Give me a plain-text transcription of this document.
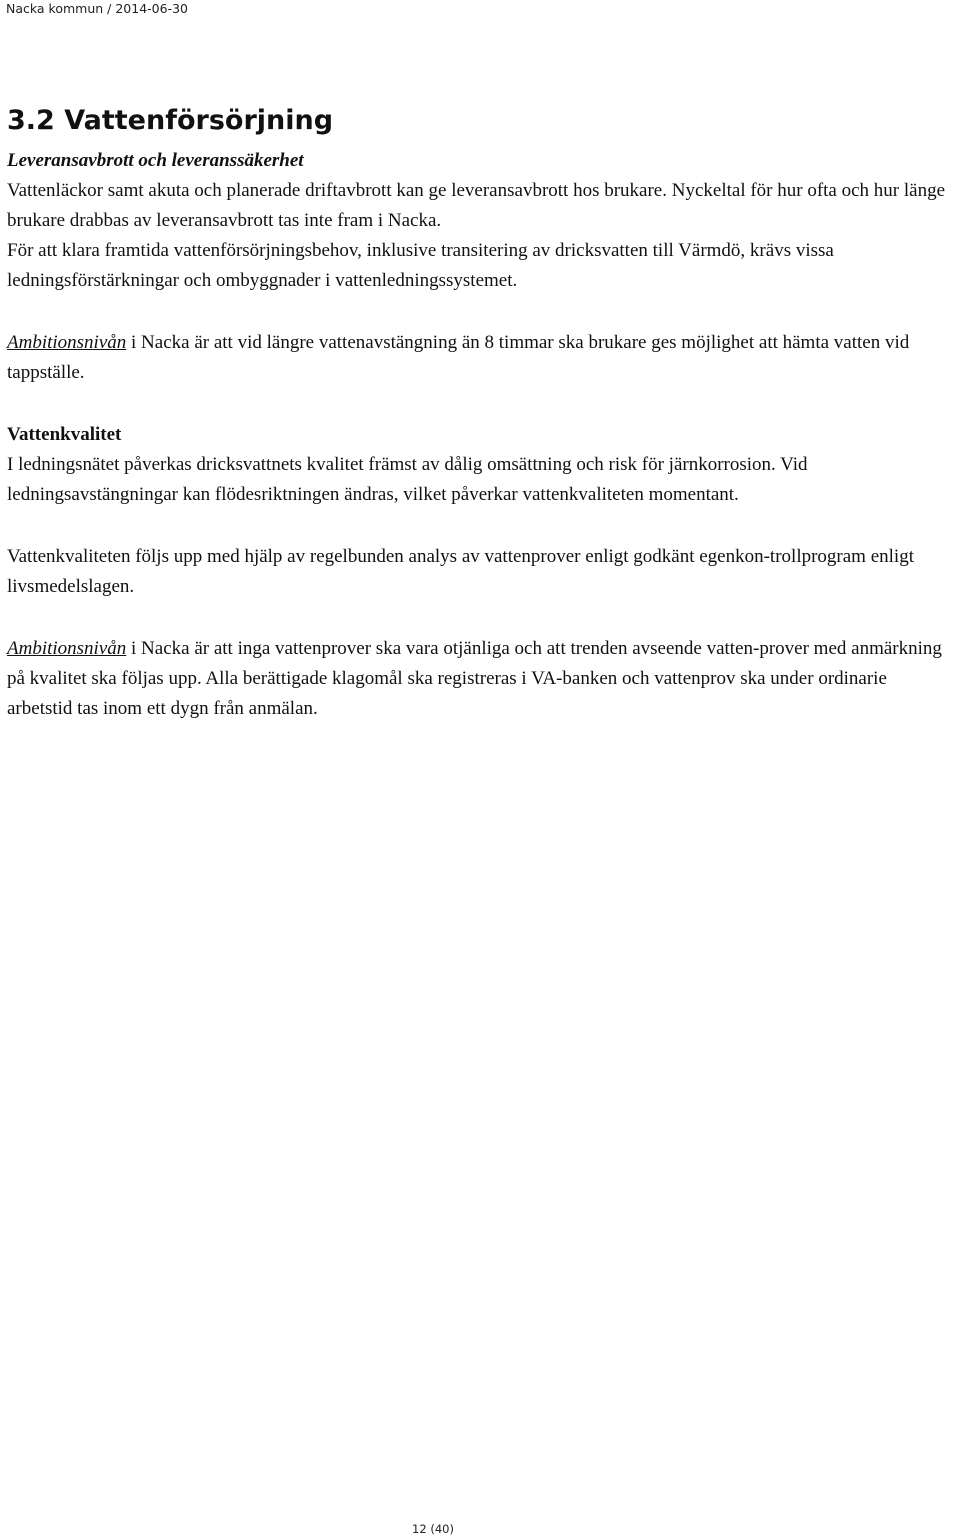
Nacka kommun / 2014-06-30
3.2 Vattenförsörjning

Leveransavbrott och leveranssäkerhet

Vattenläckor samt akuta och planerade driftavbrott kan ge leveransavbrott hos brukare. Nyckeltal för hur ofta och hur länge brukare drabbas av leveransavbrott tas inte fram i Nacka.

För att klara framtida vattenförsörjningsbehov, inklusive transitering av dricksvatten till Värmdö, krävs vissa ledningsförstärkningar och ombyggnader i vattenledningssystemet.

Ambitionsnivån i Nacka är att vid längre vattenavstängning än 8 timmar ska brukare ges möjlighet att hämta vatten vid tappställe.

Vattenkvalitet

I ledningsnätet påverkas dricksvattnets kvalitet främst av dålig omsättning och risk för järnkorrosion. Vid ledningsavstängningar kan flödesriktningen ändras, vilket påverkar vattenkvaliteten momentant.

Vattenkvaliteten följs upp med hjälp av regelbunden analys av vattenprover enligt godkänt egenkon-trollprogram enligt livsmedelslagen.

Ambitionsnivån i Nacka är att inga vattenprover ska vara otjänliga och att trenden avseende vatten-prover med anmärkning på kvalitet ska följas upp. Alla berättigade klagomål ska registreras i VA-banken och vattenprov ska under ordinarie arbetstid tas inom ett dygn från anmälan.

12 (40)
